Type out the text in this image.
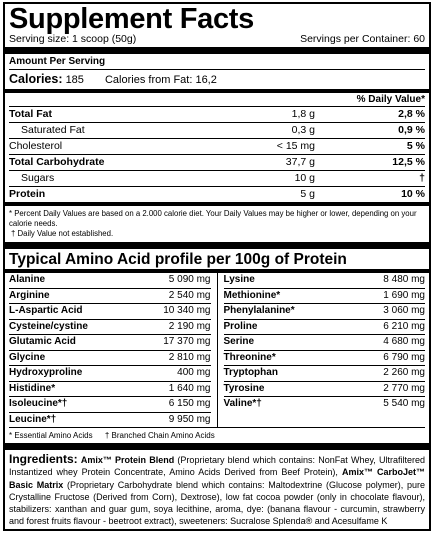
Supplement Facts
Serving size: 1 scoop (50g)	Servings per Container: 60
Amount Per Serving
Calories: 185 Calories from Fat: 16,2
% Daily Value*
Total Fat	1,8 g	2,8 %
Saturated Fat	0,3 g	0,9 %
Cholesterol	< 15 mg	5 %
Total Carbohydrate	37,7 g	12,5 %
Sugars	10 g	†
Protein	5 g	10 %
* Percent Daily Values are based on a 2.000 calorie diet. Your Daily Values may be higher or lower, depending on your calorie needs.
† Daily Value not established.
Typical Amino Acid profile per 100g of Protein
Alanine	5 090 mg
Arginine	2 540 mg
L-Aspartic Acid	10 340 mg
Cysteine/cystine	2 190 mg
Glutamic Acid	17 370 mg
Glycine	2 810 mg
Hydroxyproline	400 mg
Histidine*	1 640 mg
Isoleucine*†	6 150 mg
Leucine*†	9 950 mg
Lysine	8 480 mg
Methionine*	1 690 mg
Phenylalanine*	3 060 mg
Proline	6 210 mg
Serine	4 680 mg
Threonine*	6 790 mg
Tryptophan	2 260 mg
Tyrosine	2 770 mg
Valine*†	5 540 mg
* Essential Amino Acids † Branched Chain Amino Acids
Ingredients: Amix™ Protein Blend (Proprietary blend which contains: NonFat Whey, Ultrafiltered Instantized whey Protein Concentrate, Amino Acids Derived from Beef Protein), Amix™ CarboJet™ Basic Matrix (Proprietary Carbohydrate blend which contains: Maltodextrine (Glucose polymer), pure Crystalline Fructose (Derived from Corn), Dextrose), low fat cocoa powder (only in chocolate flavour), stabilizers: xanthan and guar gum, soya lecithine, aroma, dye: (banana flavour - curcumin, strawberry and forest fruits flavour - beetroot extract), sweeteners: Sucralose Splenda® and Acesulfame K
